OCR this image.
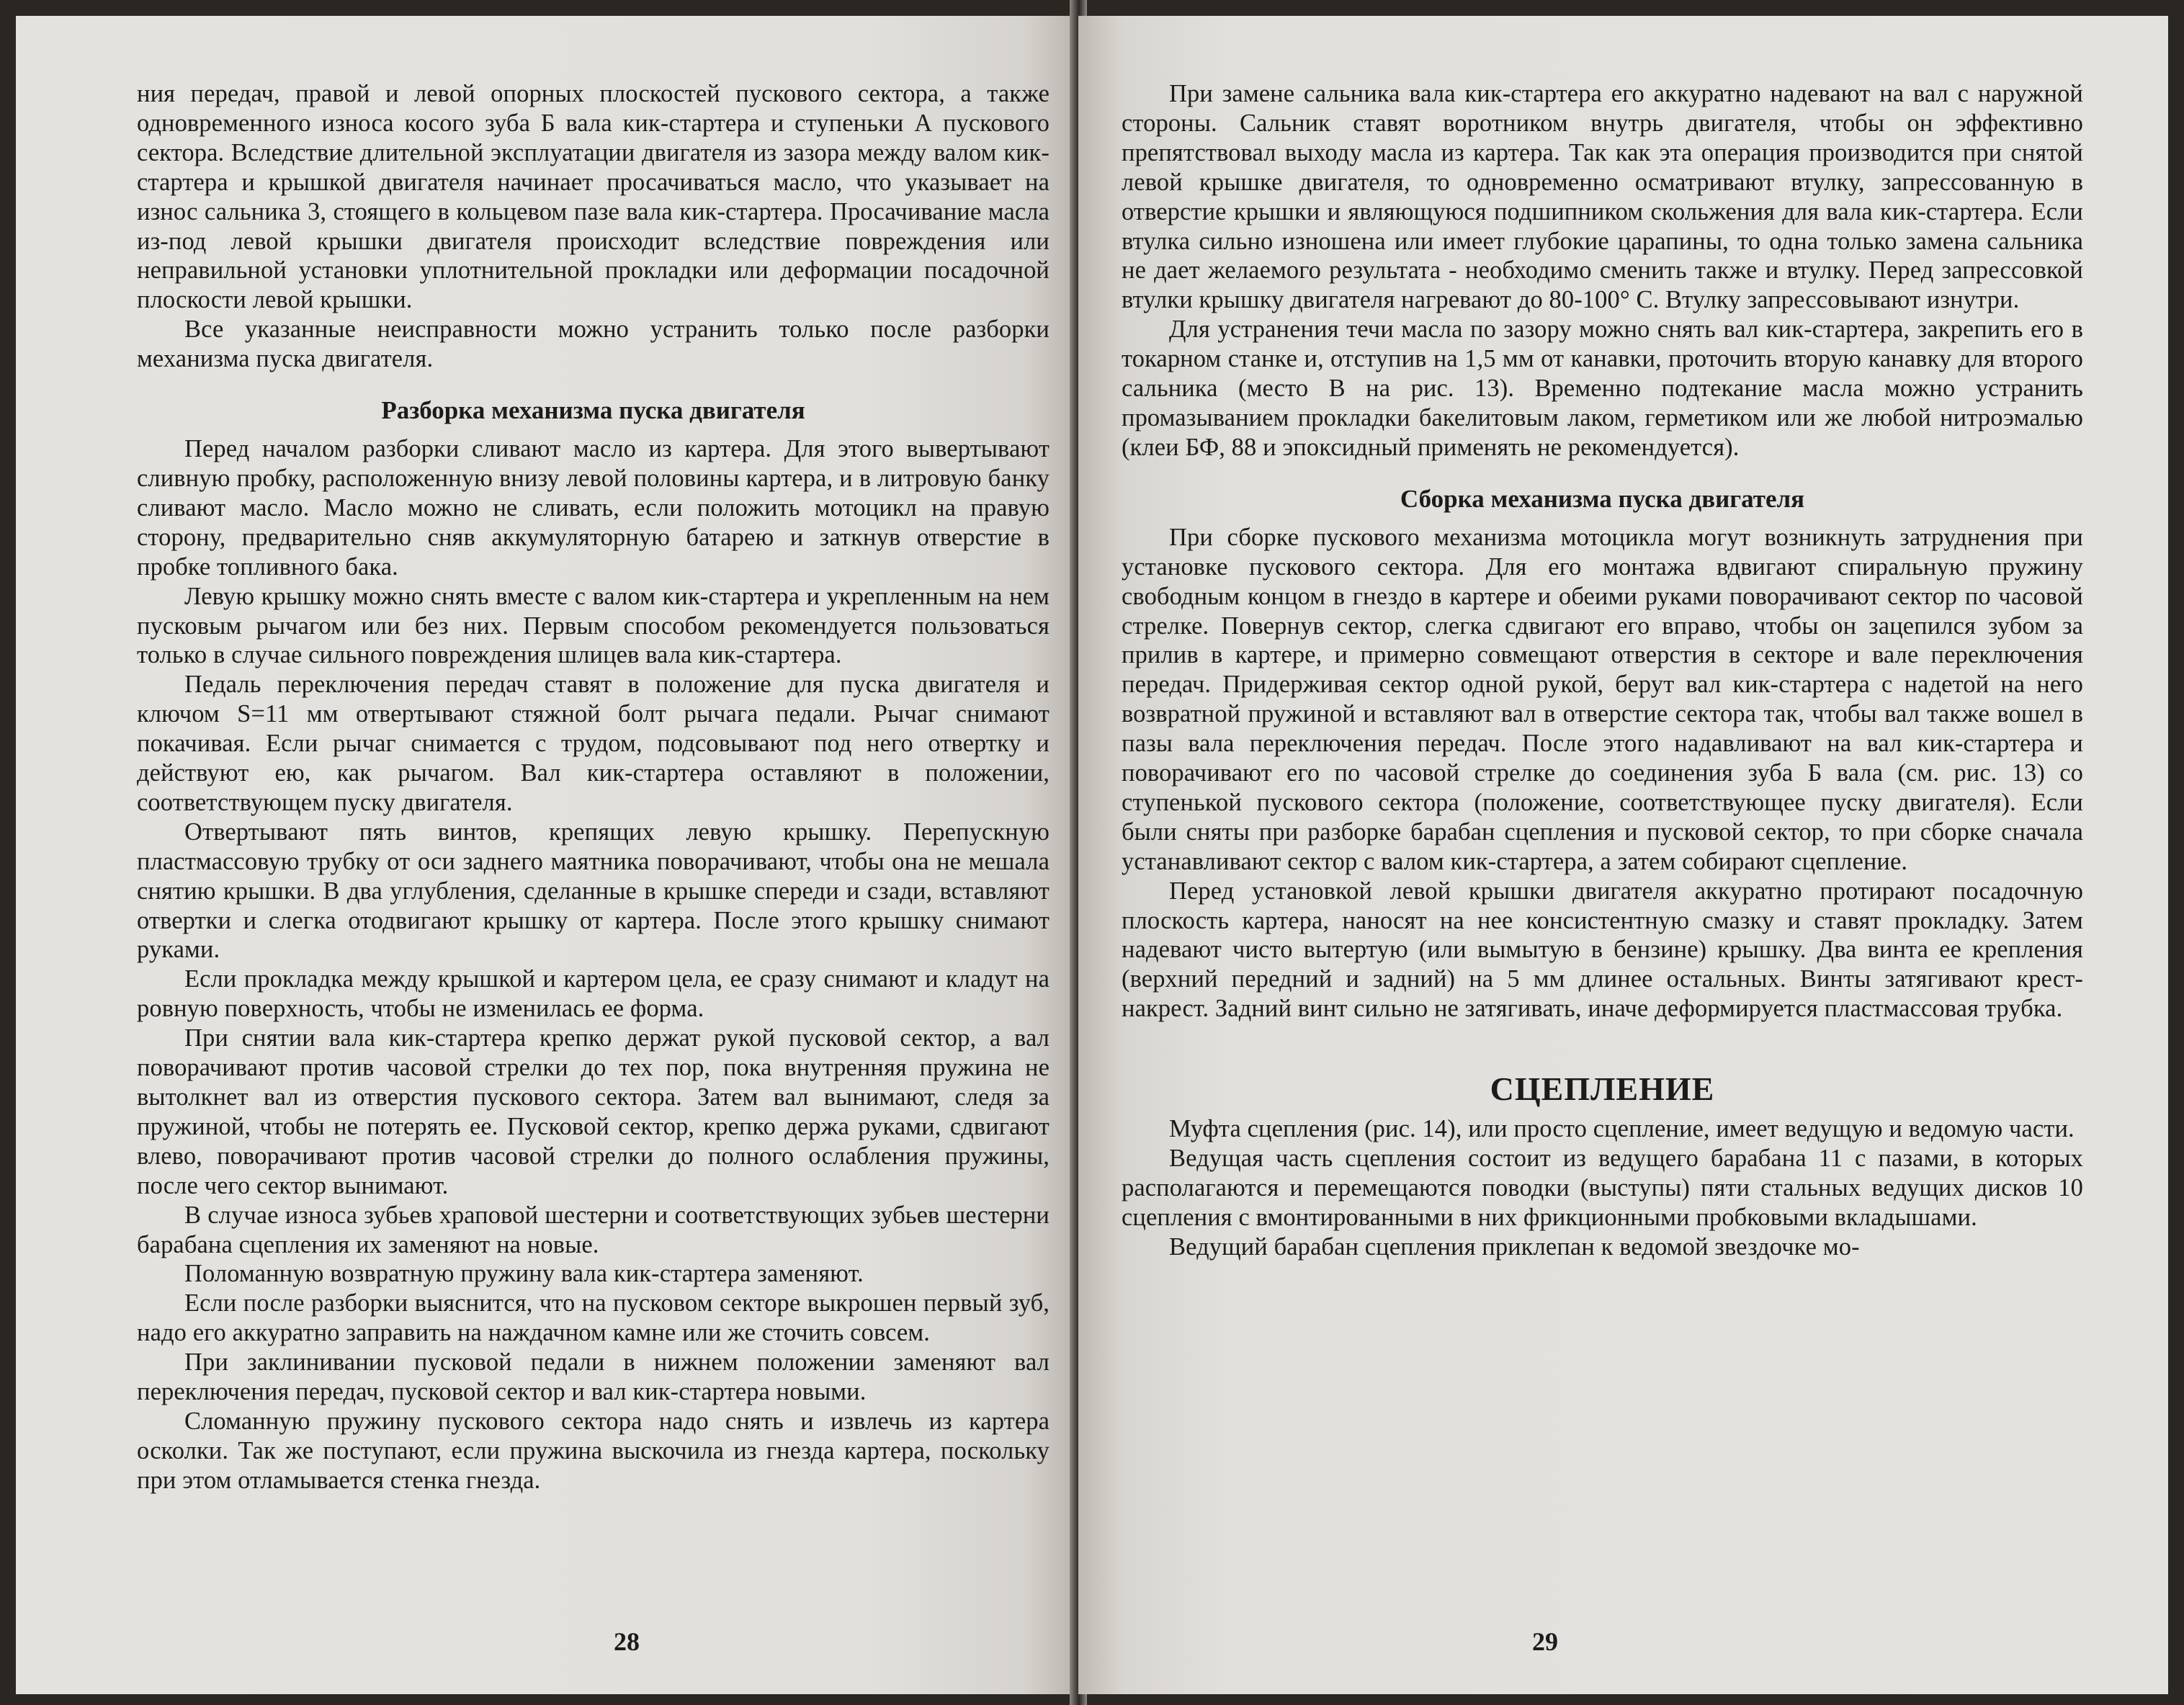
ния передач, правой и левой опорных плоскостей пускового сектора, а также одновременного износа косого зуба Б вала кик-стартера и ступеньки А пускового сектора. Вследствие длительной эксплуатации двигателя из зазора между валом кик-стартера и крышкой двигателя начинает просачиваться масло, что указывает на износ сальника 3, стоящего в кольцевом пазе вала кик-стартера. Просачивание масла из-под левой крышки двигателя происходит вследствие повреждения или неправильной установки уплотнительной прокладки или деформации посадочной плоскости левой крышки.

Все указанные неисправности можно устранить только после разборки механизма пуска двигателя.

Разборка механизма пуска двигателя

Перед началом разборки сливают масло из картера. Для этого вывертывают сливную пробку, расположенную внизу левой половины картера, и в литровую банку сливают масло. Масло можно не сливать, если положить мотоцикл на правую сторону, предварительно сняв аккумуляторную батарею и заткнув отверстие в пробке топливного бака.

Левую крышку можно снять вместе с валом кик-стартера и укрепленным на нем пусковым рычагом или без них. Первым способом рекомендуется пользоваться только в случае сильного повреждения шлицев вала кик-стартера.

Педаль переключения передач ставят в положение для пуска двигателя и ключом S=11 мм отвертывают стяжной болт рычага педали. Рычаг снимают покачивая. Если рычаг снимается с трудом, подсовывают под него отвертку и действуют ею, как рычагом. Вал кик-стартера оставляют в положении, соответствующем пуску двигателя.

Отвертывают пять винтов, крепящих левую крышку. Перепускную пластмассовую трубку от оси заднего маятника поворачивают, чтобы она не мешала снятию крышки. В два углубления, сделанные в крышке спереди и сзади, вставляют отвертки и слегка отодвигают крышку от картера. После этого крышку снимают руками.

Если прокладка между крышкой и картером цела, ее сразу снимают и кладут на ровную поверхность, чтобы не изменилась ее форма.

При снятии вала кик-стартера крепко держат рукой пусковой сектор, а вал поворачивают против часовой стрелки до тех пор, пока внутренняя пружина не вытолкнет вал из отверстия пускового сектора. Затем вал вынимают, следя за пружиной, чтобы не потерять ее. Пусковой сектор, крепко держа руками, сдвигают влево, поворачивают против часовой стрелки до полного ослабления пружины, после чего сектор вынимают.

В случае износа зубьев храповой шестерни и соответствующих зубьев шестерни барабана сцепления их заменяют на новые.

Поломанную возвратную пружину вала кик-стартера заменяют.

Если после разборки выяснится, что на пусковом секторе выкрошен первый зуб, надо его аккуратно заправить на наждачном камне или же сточить совсем.

При заклинивании пусковой педали в нижнем положении заменяют вал переключения передач, пусковой сектор и вал кик-стартера новыми.

Сломанную пружину пускового сектора надо снять и извлечь из картера осколки. Так же поступают, если пружина выскочила из гнезда картера, поскольку при этом отламывается стенка гнезда.

28

При замене сальника вала кик-стартера его аккуратно надевают на вал с наружной стороны. Сальник ставят воротником внутрь двигателя, чтобы он эффективно препятствовал выходу масла из картера. Так как эта операция производится при снятой левой крышке двигателя, то одновременно осматривают втулку, запрессованную в отверстие крышки и являющуюся подшипником скольжения для вала кик-стартера. Если втулка сильно изношена или имеет глубокие царапины, то одна только замена сальника не дает желаемого результата - необходимо сменить также и втулку. Перед запрессовкой втулки крышку двигателя нагревают до 80-100° С. Втулку запрессовывают изнутри.

Для устранения течи масла по зазору можно снять вал кик-стартера, закрепить его в токарном станке и, отступив на 1,5 мм от канавки, проточить вторую канавку для второго сальника (место В на рис. 13). Временно подтекание масла можно устранить промазыванием прокладки бакелитовым лаком, герметиком или же любой нитроэмалью (клеи БФ, 88 и эпоксидный применять не рекомендуется).

Сборка механизма пуска двигателя

При сборке пускового механизма мотоцикла могут возникнуть затруднения при установке пускового сектора. Для его монтажа вдвигают спиральную пружину свободным концом в гнездо в картере и обеими руками поворачивают сектор по часовой стрелке. Повернув сектор, слегка сдвигают его вправо, чтобы он зацепился зубом за прилив в картере, и примерно совмещают отверстия в секторе и вале переключения передач. Придерживая сектор одной рукой, берут вал кик-стартера с надетой на него возвратной пружиной и вставляют вал в отверстие сектора так, чтобы вал также вошел в пазы вала переключения передач. После этого надавливают на вал кик-стартера и поворачивают его по часовой стрелке до соединения зуба Б вала (см. рис. 13) со ступенькой пускового сектора (положение, соответствующее пуску двигателя). Если были сняты при разборке барабан сцепления и пусковой сектор, то при сборке сначала устанавливают сектор с валом кик-стартера, а затем собирают сцепление.

Перед установкой левой крышки двигателя аккуратно протирают посадочную плоскость картера, наносят на нее консистентную смазку и ставят прокладку. Затем надевают чисто вытертую (или вымытую в бензине) крышку. Два винта ее крепления (верхний передний и задний) на 5 мм длинее остальных. Винты затягивают крест-накрест. Задний винт сильно не затягивать, иначе деформируется пластмассовая трубка.

СЦЕПЛЕНИЕ

Муфта сцепления (рис. 14), или просто сцепление, имеет ведущую и ведомую части.

Ведущая часть сцепления состоит из ведущего барабана 11 с пазами, в которых располагаются и перемещаются поводки (выступы) пяти стальных ведущих дисков 10 сцепления с вмонтированными в них фрикционными пробковыми вкладышами.

Ведущий барабан сцепления приклепан к ведомой звездочке мо-

29
